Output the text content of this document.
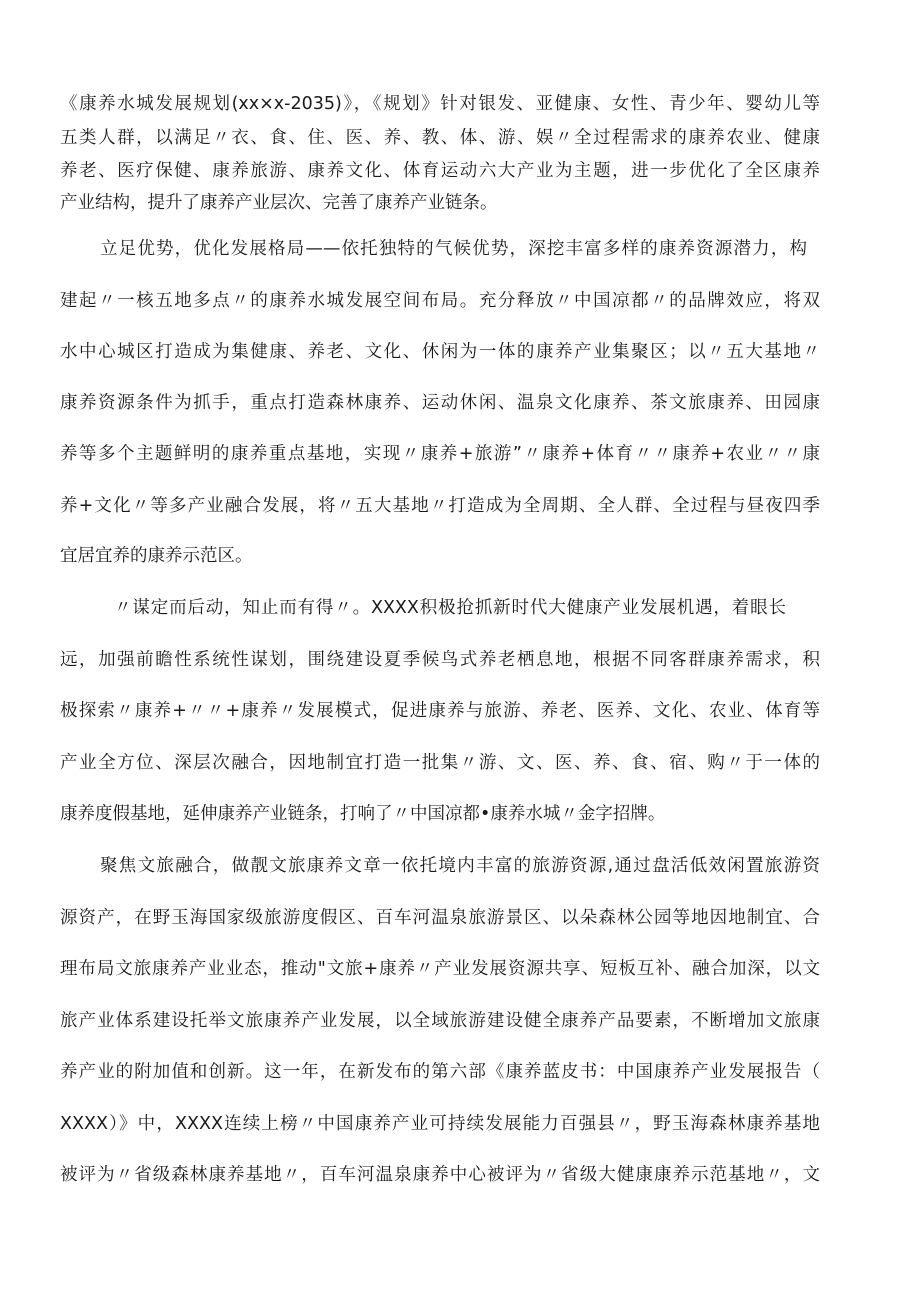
《康养水城发展规划(xx×x-2035)》，《规划》针对银发、亚健康、女性、青少年、婴幼儿等
五类人群，以满足〃衣、食、住、医、养、教、体、游、娱〃全过程需求的康养农业、健康
养老、医疗保健、康养旅游、康养文化、体育运动六大产业为主题，进一步优化了全区康养
产业结构，提升了康养产业层次、完善了康养产业链条。
立足优势，优化发展格局——依托独特的气候优势，深挖丰富多样的康养资源潜力，构
建起〃一核五地多点〃的康养水城发展空间布局。充分释放〃中国凉都〃的品牌效应，将双
水中心城区打造成为集健康、养老、文化、休闲为一体的康养产业集聚区；以〃五大基地〃
康养资源条件为抓手，重点打造森林康养、运动休闲、温泉文化康养、茶文旅康养、田园康
养等多个主题鲜明的康养重点基地，实现〃康养+旅游”〃康养+体育〃〃康养+农业〃〃康
养+文化〃等多产业融合发展，将〃五大基地〃打造成为全周期、全人群、全过程与昼夜四季
宜居宜养的康养示范区。
〃谋定而后动，知止而有得〃。XXXX积极抢抓新时代大健康产业发展机遇，着眼长
远，加强前瞻性系统性谋划，围绕建设夏季候鸟式养老栖息地，根据不同客群康养需求，积
极探索〃康养+〃〃+康养〃发展模式，促进康养与旅游、养老、医养、文化、农业、体育等
产业全方位、深层次融合，因地制宜打造一批集〃游、文、医、养、食、宿、购〃于一体的
康养度假基地，延伸康养产业链条，打响了〃中国凉都•康养水城〃金字招牌。
聚焦文旅融合，做靓文旅康养文章一依托境内丰富的旅游资源,通过盘活低效闲置旅游资
源资产，在野玉海国家级旅游度假区、百车河温泉旅游景区、以朵森林公园等地因地制宜、合
理布局文旅康养产业业态，推动"文旅+康养〃产业发展资源共享、短板互补、融合加深，以文
旅产业体系建设托举文旅康养产业发展，以全域旅游建设健全康养产品要素，不断增加文旅康
养产业的附加值和创新。这一年，在新发布的第六部《康养蓝皮书：中国康养产业发展报告（
XXXX）》中，XXXX连续上榜〃中国康养产业可持续发展能力百强县〃，野玉海森林康养基地
被评为〃省级森林康养基地〃，百车河温泉康养中心被评为〃省级大健康康养示范基地〃，文
